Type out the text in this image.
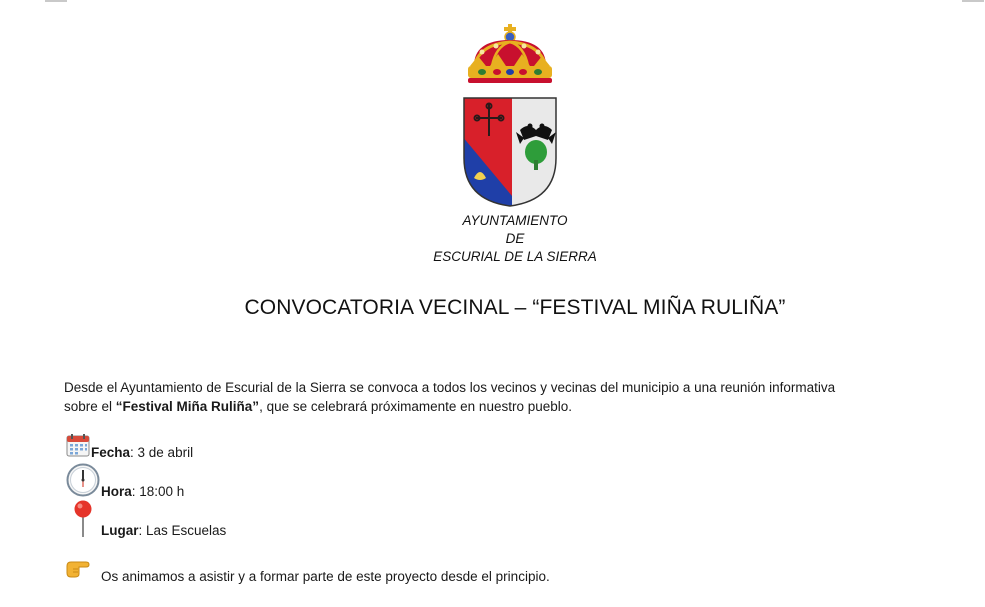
AYUNTAMIENTO
DE
ESCURIAL DE LA SIERRA
CONVOCATORIA VECINAL – “FESTIVAL MIÑA RULIÑA”
Desde el Ayuntamiento de Escurial de la Sierra se convoca a todos los vecinos y vecinas del municipio a una reunión informativa
sobre el “Festival Miña Ruliña”, que se celebrará próximamente en nuestro pueblo.
Fecha: 3 de abril
Hora: 18:00 h
Lugar: Las Escuelas
Os animamos a asistir y a formar parte de este proyecto desde el principio.
